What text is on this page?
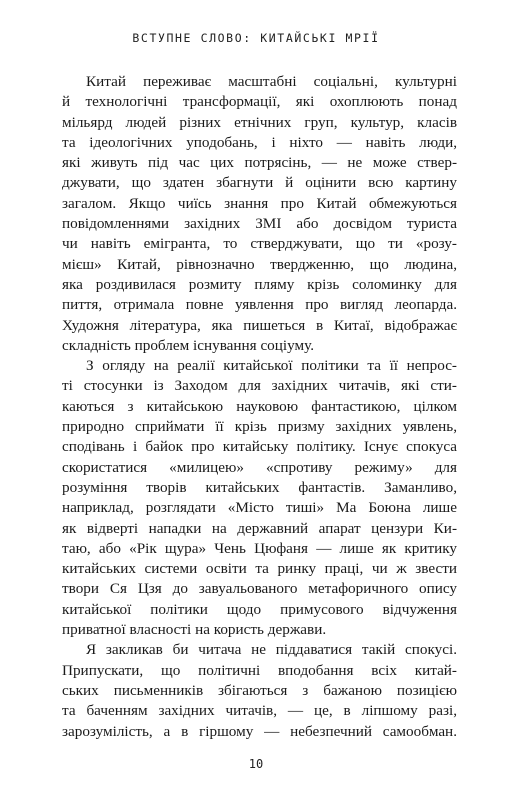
ВСТУПНЕ СЛОВО: КИТАЙСЬКІ МРІЇ
Китай переживає масштабні соціальні, культурні
й технологічні трансформації, які охоплюють понад
мільярд людей різних етнічних груп, культур, класів
та ідеологічних уподобань, і ніхто — навіть люди,
які живуть під час цих потрясінь, — не може ствер-
джувати, що здатен збагнути й оцінити всю картину
загалом. Якщо чиїсь знання про Китай обмежуються
повідомленнями західних ЗМІ або досвідом туриста
чи навіть емігранта, то стверджувати, що ти «розу-
мієш» Китай, рівнозначно твердженню, що людина,
яка роздивилася розмиту пляму крізь соломинку для
пиття, отримала повне уявлення про вигляд леопарда.
Художня література, яка пишеться в Китаї, відображає
складність проблем існування соціуму.
З огляду на реалії китайської політики та її непрос-
ті стосунки із Заходом для західних читачів, які сти-
каються з китайською науковою фантастикою, цілком
природно сприймати її крізь призму західних уявлень,
сподівань і байок про китайську політику. Існує спокуса
скористатися «милицею» «спротиву режиму» для
розуміння творів китайських фантастів. Заманливо,
наприклад, розглядати «Місто тиші» Ма Боюна лише
як відверті нападки на державний апарат цензури Ки-
таю, або «Рік щура» Чень Цюфаня — лише як критику
китайських системи освіти та ринку праці, чи ж звести
твори Ся Цзя до завуальованого метафоричного опису
китайської політики щодо примусового відчуження
приватної власності на користь держави.
Я закликав би читача не піддаватися такій спокусі.
Припускати, що політичні вподобання всіх китай-
ських письменників збігаються з бажаною позицією
та баченням західних читачів, — це, в ліпшому разі,
зарозумілість, а в гіршому — небезпечний самообман.
10
